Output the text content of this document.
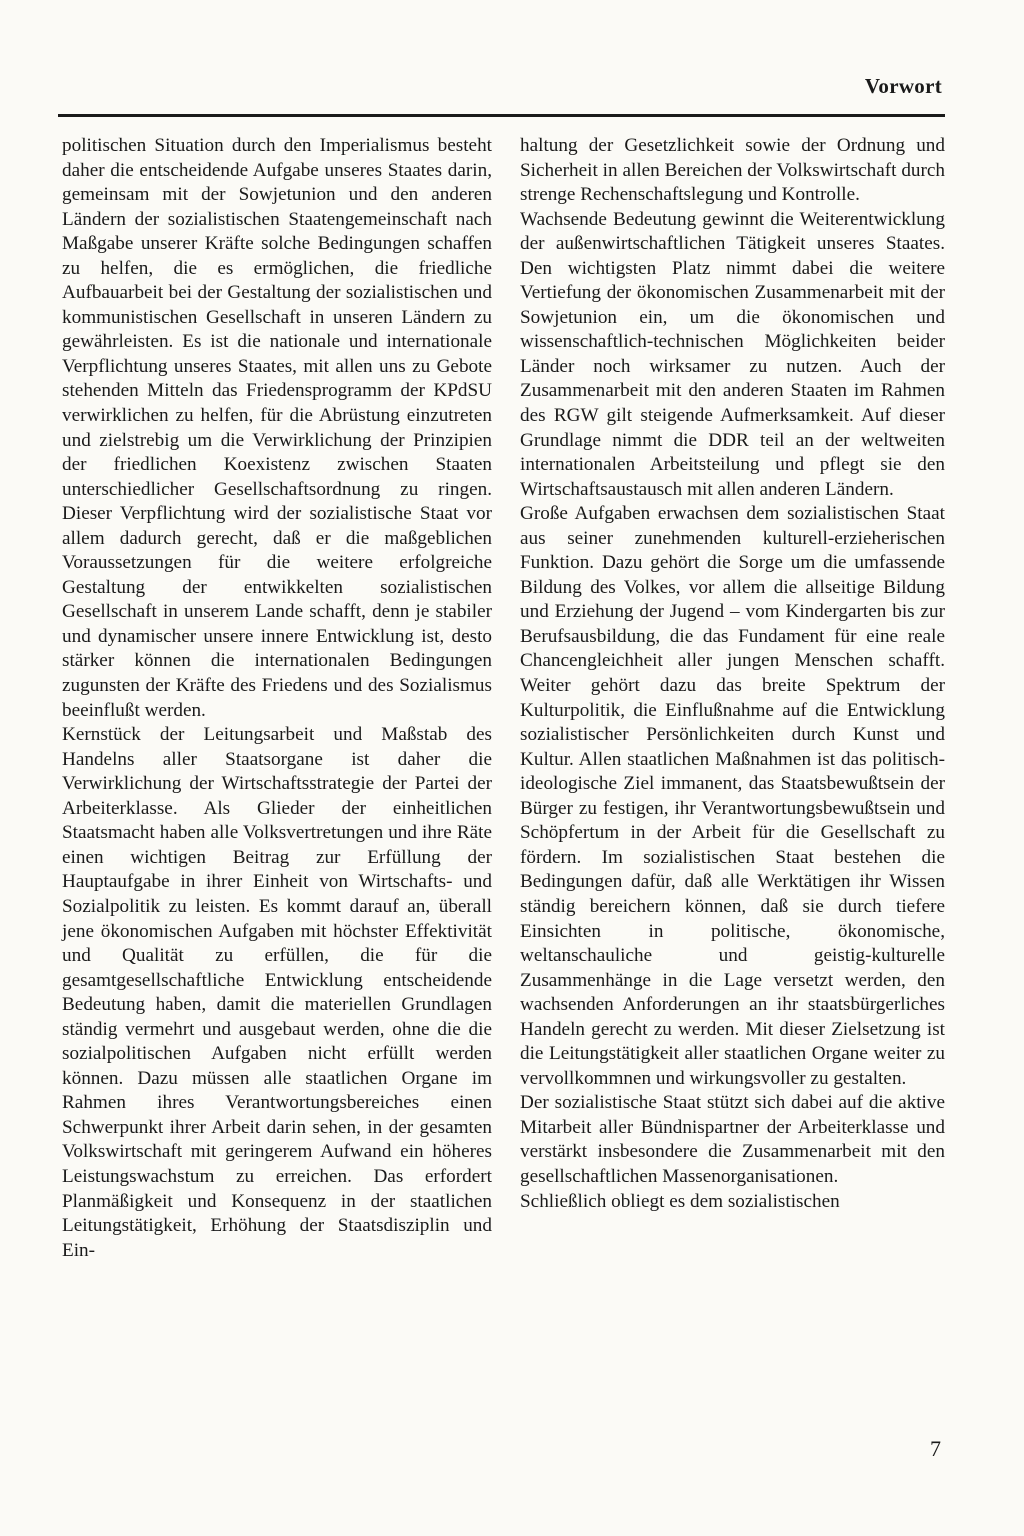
Vorwort

politischen Situation durch den Imperialismus besteht daher die entscheidende Aufgabe unseres Staates darin, gemeinsam mit der Sowjetunion und den anderen Ländern der sozialistischen Staatengemeinschaft nach Maßgabe unserer Kräfte solche Bedingungen schaffen zu helfen, die es ermöglichen, die friedliche Aufbauarbeit bei der Gestaltung der sozialistischen und kommunistischen Gesellschaft in unseren Ländern zu gewährleisten. Es ist die nationale und internationale Verpflichtung unseres Staates, mit allen uns zu Gebote stehenden Mitteln das Friedensprogramm der KPdSU verwirklichen zu helfen, für die Abrüstung einzutreten und zielstrebig um die Verwirklichung der Prinzipien der friedlichen Koexistenz zwischen Staaten unterschiedlicher Gesellschaftsordnung zu ringen. Dieser Verpflichtung wird der sozialistische Staat vor allem dadurch gerecht, daß er die maßgeblichen Voraussetzungen für die weitere erfolgreiche Gestaltung der entwikkelten sozialistischen Gesellschaft in unserem Lande schafft, denn je stabiler und dynamischer unsere innere Entwicklung ist, desto stärker können die internationalen Bedingungen zugunsten der Kräfte des Friedens und des Sozialismus beeinflußt werden.

Kernstück der Leitungsarbeit und Maßstab des Handelns aller Staatsorgane ist daher die Verwirklichung der Wirtschaftsstrategie der Partei der Arbeiterklasse. Als Glieder der einheitlichen Staatsmacht haben alle Volksvertretungen und ihre Räte einen wichtigen Beitrag zur Erfüllung der Hauptaufgabe in ihrer Einheit von Wirtschafts- und Sozialpolitik zu leisten. Es kommt darauf an, überall jene ökonomischen Aufgaben mit höchster Effektivität und Qualität zu erfüllen, die für die gesamtgesellschaftliche Entwicklung entscheidende Bedeutung haben, damit die materiellen Grundlagen ständig vermehrt und ausgebaut werden, ohne die die sozialpolitischen Aufgaben nicht erfüllt werden können. Dazu müssen alle staatlichen Organe im Rahmen ihres Verantwortungsbereiches einen Schwerpunkt ihrer Arbeit darin sehen, in der gesamten Volkswirtschaft mit geringerem Aufwand ein höheres Leistungswachstum zu erreichen. Das erfordert Planmäßigkeit und Konsequenz in der staatlichen Leitungstätigkeit, Erhöhung der Staatsdisziplin und Ein-

haltung der Gesetzlichkeit sowie der Ordnung und Sicherheit in allen Bereichen der Volkswirtschaft durch strenge Rechenschaftslegung und Kontrolle.

Wachsende Bedeutung gewinnt die Weiterentwicklung der außenwirtschaftlichen Tätigkeit unseres Staates. Den wichtigsten Platz nimmt dabei die weitere Vertiefung der ökonomischen Zusammenarbeit mit der Sowjetunion ein, um die ökonomischen und wissenschaftlich-technischen Möglichkeiten beider Länder noch wirksamer zu nutzen. Auch der Zusammenarbeit mit den anderen Staaten im Rahmen des RGW gilt steigende Aufmerksamkeit. Auf dieser Grundlage nimmt die DDR teil an der weltweiten internationalen Arbeitsteilung und pflegt sie den Wirtschaftsaustausch mit allen anderen Ländern.

Große Aufgaben erwachsen dem sozialistischen Staat aus seiner zunehmenden kulturell-erzieherischen Funktion. Dazu gehört die Sorge um die umfassende Bildung des Volkes, vor allem die allseitige Bildung und Erziehung der Jugend – vom Kindergarten bis zur Berufsausbildung, die das Fundament für eine reale Chancengleichheit aller jungen Menschen schafft. Weiter gehört dazu das breite Spektrum der Kulturpolitik, die Einflußnahme auf die Entwicklung sozialistischer Persönlichkeiten durch Kunst und Kultur. Allen staatlichen Maßnahmen ist das politisch-ideologische Ziel immanent, das Staatsbewußtsein der Bürger zu festigen, ihr Verantwortungsbewußtsein und Schöpfertum in der Arbeit für die Gesellschaft zu fördern. Im sozialistischen Staat bestehen die Bedingungen dafür, daß alle Werktätigen ihr Wissen ständig bereichern können, daß sie durch tiefere Einsichten in politische, ökonomische, weltanschauliche und geistig-kulturelle Zusammenhänge in die Lage versetzt werden, den wachsenden Anforderungen an ihr staatsbürgerliches Handeln gerecht zu werden. Mit dieser Zielsetzung ist die Leitungstätigkeit aller staatlichen Organe weiter zu vervollkommnen und wirkungsvoller zu gestalten.

Der sozialistische Staat stützt sich dabei auf die aktive Mitarbeit aller Bündnispartner der Arbeiterklasse und verstärkt insbesondere die Zusammenarbeit mit den gesellschaftlichen Massenorganisationen.

Schließlich obliegt es dem sozialistischen

7
